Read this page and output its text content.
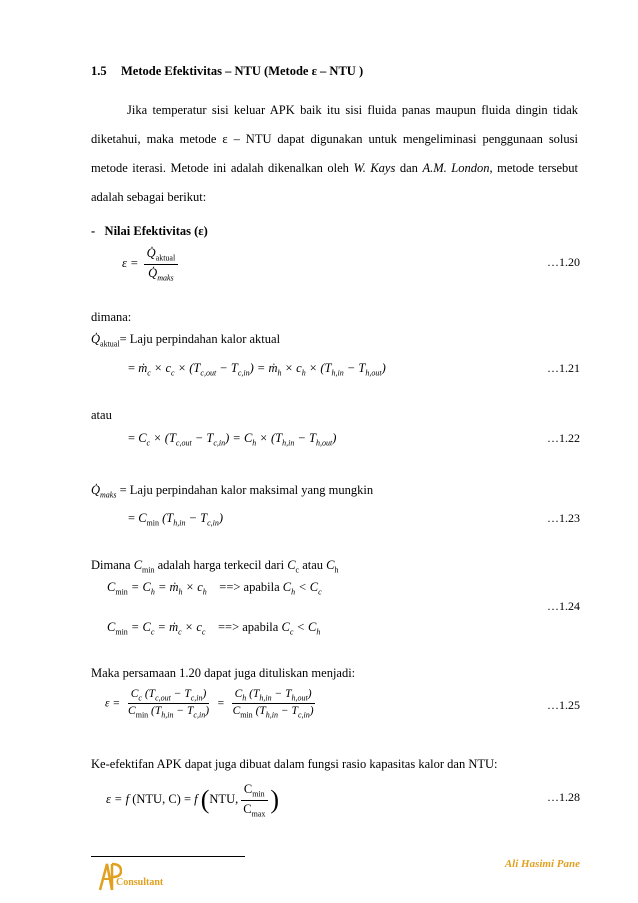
1.5 Metode Efektivitas – NTU (Metode ε – NTU )

Jika temperatur sisi keluar APK baik itu sisi fluida panas maupun fluida dingin tidak diketahui, maka metode ε – NTU dapat digunakan untuk mengeliminasi penggunaan solusi metode iterasi. Metode ini adalah dikenalkan oleh W. Kays dan A.M. London, metode tersebut adalah sebagai berikut:

-   Nilai Efektivitas (ε)
$\varepsilon = \frac{Q̇_{aktual}}{Q̇_{maks}}$	…1.20
dimana:
$Q̇_{aktual}=$ Laju perpindahan kalor aktual
= ṁ$_c$ × $c_c \times (T_{c,out} - T_{c,in})$ = ṁ$_h$ × $c_h \times (T_{h,in} - T_{h,out})$	…1.21
atau
= $C_c \times (T_{c,out} - T_{c,in}) = C_h \times (T_{h,in} - T_{h,out})$	…1.22
$Q̇_{maks}$ = Laju perpindahan kalor maksimal yang mungkin
= $C_{min}$ $(T_{h,in} - T_{c,in})$	…1.23
Dimana $C_{min}$ adalah harga terkecil dari $C_c$ atau $C_h$
$C_{min} = C_h$ = ṁ$_h$ × $c_h$ ==> apabila $C_h < C_c$
…1.24
$C_{min} = C_c$ = ṁ$_c$ × $c_c$ ==> apabila $C_c < C_h$
Maka persamaan 1.20 dapat juga dituliskan menjadi:
$\varepsilon = \frac{C_c (T_{c,out} - T_{c,in})}{C_{min} (T_{h,in} - T_{c,in})} = \frac{C_h (T_{h,in} - T_{h,out})}{C_{min} (T_{h,in} - T_{c,in})}$	…1.25
Ke-efektifan APK dapat juga dibuat dalam fungsi rasio kapasitas kalor dan NTU:
ε = f (NTU, C) = f (NTU, $\frac{C_{min}}{C_{max}}$ )	…1.28
Consultant
Ali Hasimi Pane
